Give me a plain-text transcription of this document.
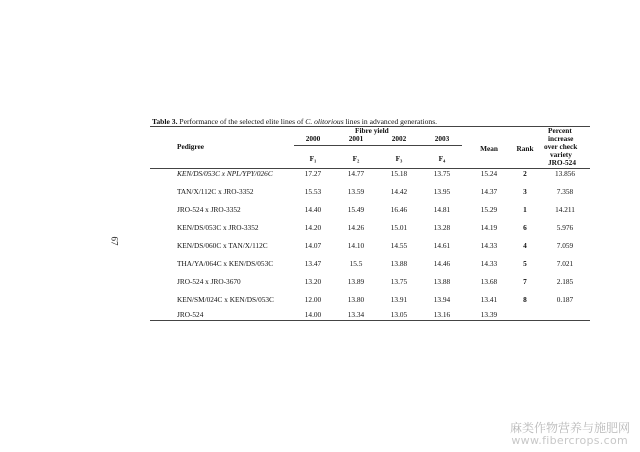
67
Table 3. Performance of the selected elite lines of C. olitorious lines in advanced generations.
Pedigree
Fibre yield
2000	2001	2002	2003
F₁	F₂	F₃	F₄
Mean	Rank
Percent
increase
over check
variety
JRO-524
KEN/DS/053C x NPL/YPY/026C	17.27	14.77	15.18	13.75	15.24	2	13.856
TAN/X/112C x JRO-3352	15.53	13.59	14.42	13.95	14.37	3	7.358
JRO-524 x JRO-3352	14.40	15.49	16.46	14.81	15.29	1	14.211
KEN/DS/053C x JRO-3352	14.20	14.26	15.01	13.28	14.19	6	5.976
KEN/DS/060C x TAN/X/112C	14.07	14.10	14.55	14.61	14.33	4	7.059
THA/YA/064C x KEN/DS/053C	13.47	15.5	13.88	14.46	14.33	5	7.021
JRO-524 x JRO-3670	13.20	13.89	13.75	13.88	13.68	7	2.185
KEN/SM/024C x KEN/DS/053C	12.00	13.80	13.91	13.94	13.41	8	0.187
JRO-524	14.00	13.34	13.05	13.16	13.39
麻类作物营养与施肥网
www.fibercrops.com
